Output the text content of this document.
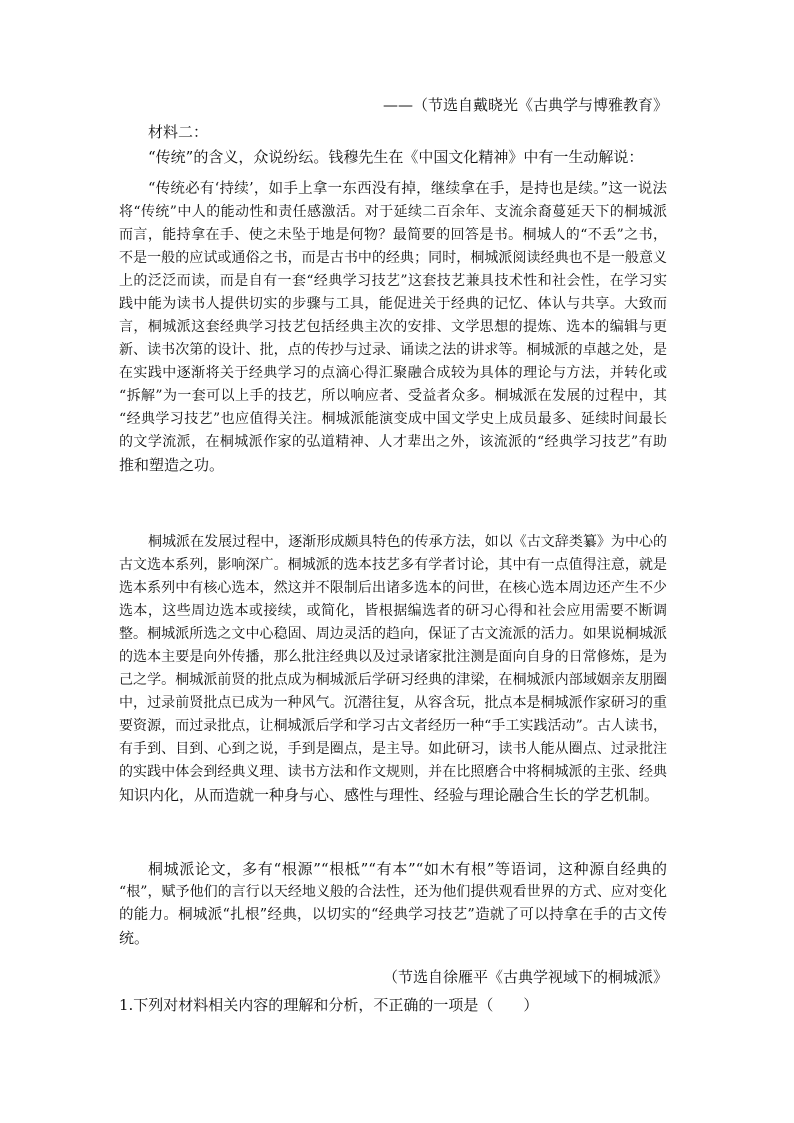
——（节选自戴晓光《古典学与博雅教育》
材料二：
“传统”的含义，众说纷纭。钱穆先生在《中国文化精神》中有一生动解说：
“传统必有‘持续’，如手上拿一东西没有掉，继续拿在手，是持也是续。”这一说法
将“传统”中人的能动性和责任感激活。对于延续二百余年、支流余裔蔓延天下的桐城派
而言，能持拿在手、使之未坠于地是何物？最简要的回答是书。桐城人的“不丢”之书，
不是一般的应试或通俗之书，而是古书中的经典；同时，桐城派阅读经典也不是一般意义
上的泛泛而读，而是自有一套“经典学习技艺”这套技艺兼具技术性和社会性，在学习实
践中能为读书人提供切实的步骤与工具，能促进关于经典的记忆、体认与共享。大致而
言，桐城派这套经典学习技艺包括经典主次的安排、文学思想的提炼、选本的编辑与更
新、读书次第的设计、批，点的传抄与过录、诵读之法的讲求等。桐城派的卓越之处，是
在实践中逐渐将关于经典学习的点滴心得汇聚融合成较为具体的理论与方法，并转化或
“拆解”为一套可以上手的技艺，所以响应者、受益者众多。桐城派在发展的过程中，其
“经典学习技艺”也应值得关注。桐城派能演变成中国文学史上成员最多、延续时间最长
的文学流派，在桐城派作家的弘道精神、人才辈出之外，该流派的“经典学习技艺”有助
推和塑造之功。
桐城派在发展过程中，逐渐形成颇具特色的传承方法，如以《古文辞类纂》为中心的
古文选本系列，影响深广。桐城派的选本技艺多有学者讨论，其中有一点值得注意，就是
选本系列中有核心选本，然这并不限制后出诸多选本的问世，在核心选本周边还产生不少
选本，这些周边选本或接续，或简化，皆根据编选者的研习心得和社会应用需要不断调
整。桐城派所选之文中心稳固、周边灵活的趋向，保证了古文流派的活力。如果说桐城派
的选本主要是向外传播，那么批注经典以及过录诸家批注测是面向自身的日常修炼，是为
己之学。桐城派前贤的批点成为桐城派后学研习经典的津梁，在桐城派内部域姻亲友朋圈
中，过录前贤批点已成为一种风气。沉潜往复，从容含玩，批点本是桐城派作家研习的重
要资源，而过录批点，让桐城派后学和学习古文者经历一种“手工实践活动”。古人读书，
有手到、目到、心到之说，手到是圈点，是主导。如此研习，读书人能从圈点、过录批注
的实践中体会到经典义理、读书方法和作文规则，并在比照磨合中将桐城派的主张、经典
知识内化，从而造就一种身与心、感性与理性、经验与理论融合生长的学艺机制。
桐城派论文，多有“根源”“根柢”“有本”“如木有根”等语词，这种源自经典的
“根”，赋予他们的言行以天经地义般的合法性，还为他们提供观看世界的方式、应对变化
的能力。桐城派“扎根”经典，以切实的“经典学习技艺”造就了可以持拿在手的古文传
统。
（节选自徐雁平《古典学视域下的桐城派》
1.下列对材料相关内容的理解和分析，不正确的一项是（　　）
